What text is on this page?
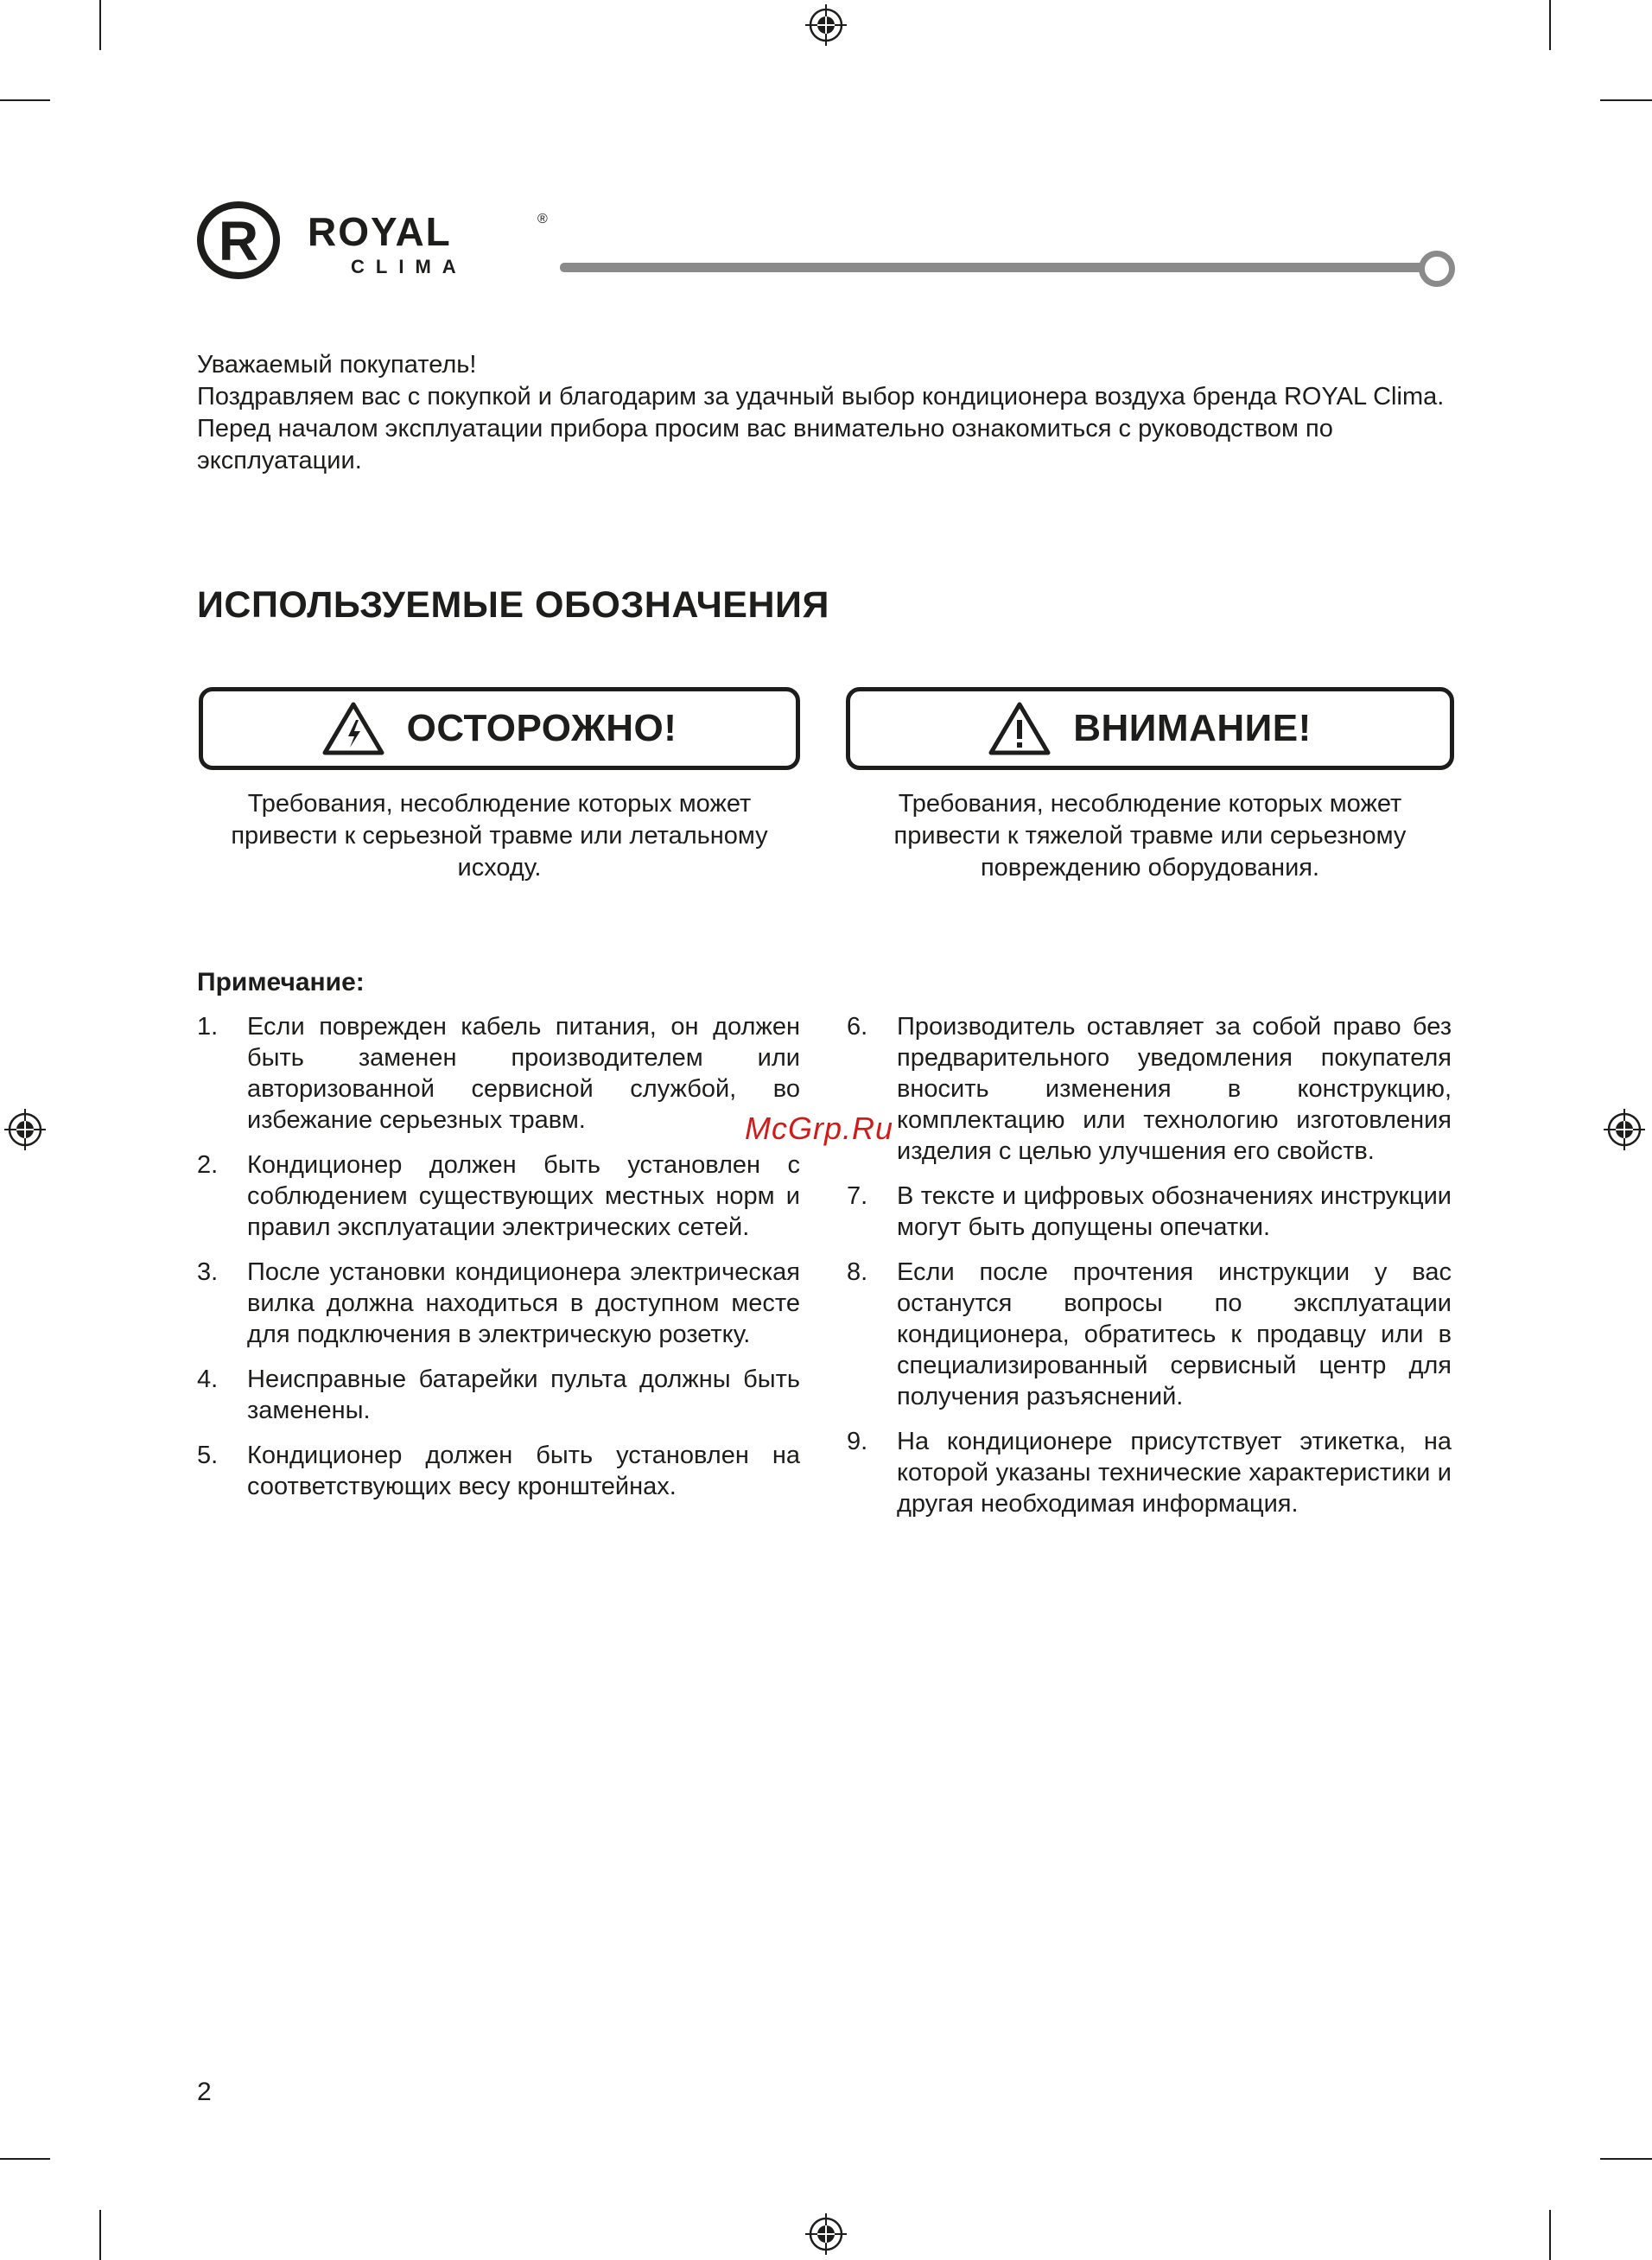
R ROYAL	®
CLIMA

Уважаемый покупатель!

Поздравляем вас с покупкой и благодарим за удачный выбор кондиционера воздуха бренда ROYAL Clima. Перед началом эксплуатации прибора просим вас внимательно ознакомиться с руководством по эксплуатации.

ИСПОЛЬЗУЕМЫЕ ОБОЗНАЧЕНИЯ
ОСТОРОЖНО!	ВНИМАНИЕ!
Требования, несоблюдение которых может привести к серьезной травме или летальному исходу.
Требования, несоблюдение которых может привести к тяжелой травме или серьезному повреждению оборудования.
Примечание:
1. Если поврежден кабель питания, он должен быть заменен производителем или авторизованной сервисной службой, во избежание серьезных травм.
2. Кондиционер должен быть установлен с соблюдением существующих местных норм и правил эксплуатации электрических сетей.
3. После установки кондиционера электрическая вилка должна находиться в доступном месте для подключения в электрическую розетку.
4. Неисправные батарейки пульта должны быть заменены.
5. Кондиционер должен быть установлен на соответствующих весу кронштейнах.
6. Производитель оставляет за собой право без предварительного уведомления покупателя вносить изменения в конструкцию, комплектацию или технологию изготовления изделия с целью улучшения его свойств.
7. В тексте и цифровых обозначениях инструкции могут быть допущены опечатки.
8. Если после прочтения инструкции у вас останутся вопросы по эксплуатации кондиционера, обратитесь к продавцу или в специализированный сервисный центр для получения разъяснений.
9. На кондиционере присутствует этикетка, на которой указаны технические характеристики и другая необходимая информация.
McGrp.Ru
2
